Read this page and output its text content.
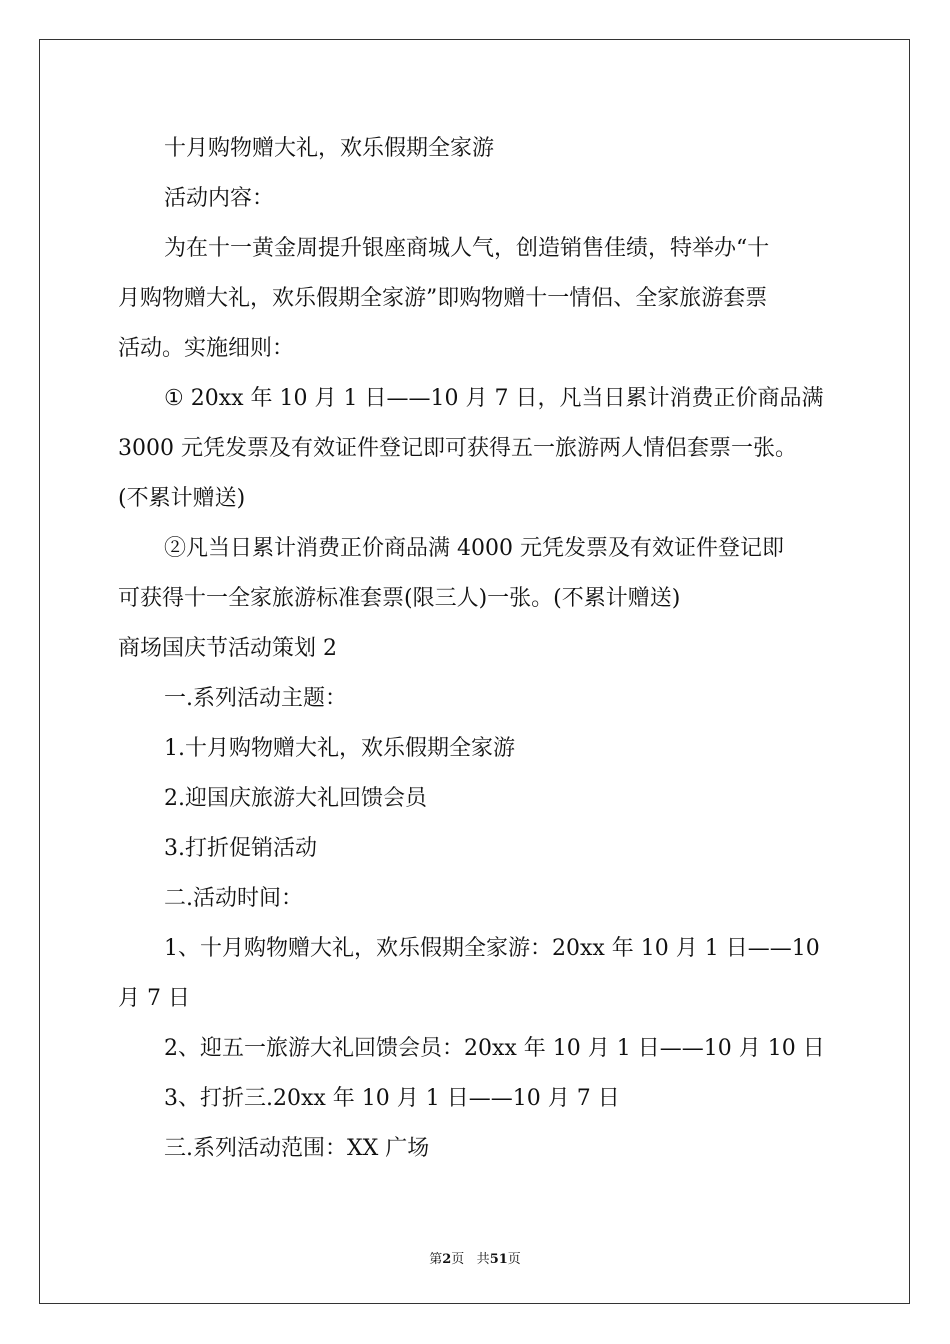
十月购物赠大礼，欢乐假期全家游

活动内容：

为在十一黄金周提升银座商城人气，创造销售佳绩，特举办“十

月购物赠大礼，欢乐假期全家游”即购物赠十一情侣、全家旅游套票

活动。实施细则：

① 20xx 年 10 月 1 日——10 月 7 日，凡当日累计消费正价商品满

3000 元凭发票及有效证件登记即可获得五一旅游两人情侣套票一张。

(不累计赠送)

②凡当日累计消费正价商品满 4000 元凭发票及有效证件登记即

可获得十一全家旅游标准套票(限三人)一张。(不累计赠送)

商场国庆节活动策划 2

一.系列活动主题：

1.十月购物赠大礼，欢乐假期全家游

2.迎国庆旅游大礼回馈会员

3.打折促销活动

二.活动时间：

1、十月购物赠大礼，欢乐假期全家游：20xx 年 10 月 1 日——10

月 7 日

2、迎五一旅游大礼回馈会员：20xx 年 10 月 1 日——10 月 10 日

3、打折三.20xx 年 10 月 1 日——10 月 7 日

三.系列活动范围：XX 广场

第2页 共51页
